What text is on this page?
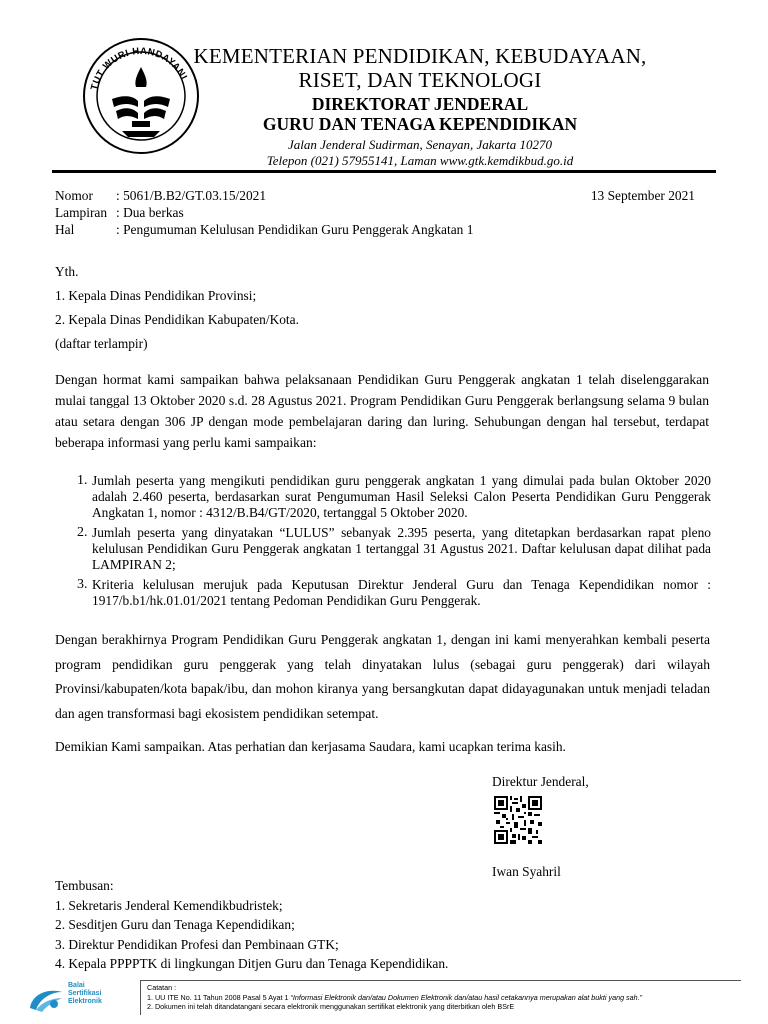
TUT WURI HANDAYANI
KEMENTERIAN PENDIDIKAN, KEBUDAYAAN,
RISET, DAN TEKNOLOGI
DIREKTORAT JENDERAL
GURU DAN TENAGA KEPENDIDIKAN
Jalan Jenderal Sudirman, Senayan, Jakarta 10270
Telepon (021) 57955141, Laman www.gtk.kemdikbud.go.id
Nomor : 5061/B.B2/GT.03.15/2021	13 September 2021
Lampiran : Dua berkas
Hal	: Pengumuman Kelulusan Pendidikan Guru Penggerak Angkatan 1
Yth.
1. Kepala Dinas Pendidikan Provinsi;
2. Kepala Dinas Pendidikan Kabupaten/Kota.
(daftar terlampir)
Dengan hormat kami sampaikan bahwa pelaksanaan Pendidikan Guru Penggerak angkatan 1 telah diselenggarakan mulai tanggal 13 Oktober 2020 s.d. 28 Agustus 2021. Program Pendidikan Guru Penggerak berlangsung selama 9 bulan atau setara dengan 306 JP dengan mode pembelajaran daring dan luring. Sehubungan dengan hal tersebut, terdapat beberapa informasi yang perlu kami sampaikan:
1. Jumlah peserta yang mengikuti pendidikan guru penggerak angkatan 1 yang dimulai pada bulan Oktober 2020 adalah 2.460 peserta, berdasarkan surat Pengumuman Hasil Seleksi Calon Peserta Pendidikan Guru Penggerak Angkatan 1, nomor : 4312/B.B4/GT/2020, tertanggal 5 Oktober 2020.
2. Jumlah peserta yang dinyatakan “LULUS” sebanyak 2.395 peserta, yang ditetapkan berdasarkan rapat pleno kelulusan Pendidikan Guru Penggerak angkatan 1 tertanggal 31 Agustus 2021. Daftar kelulusan dapat dilihat pada LAMPIRAN 2;
3. Kriteria kelulusan merujuk pada Keputusan Direktur Jenderal Guru dan Tenaga Kependidikan nomor : 1917/b.b1/hk.01.01/2021 tentang Pedoman Pendidikan Guru Penggerak.
Dengan berakhirnya Program Pendidikan Guru Penggerak angkatan 1, dengan ini kami menyerahkan kembali peserta program pendidikan guru penggerak yang telah dinyatakan lulus (sebagai guru penggerak) dari wilayah Provinsi/kabupaten/kota bapak/ibu, dan mohon kiranya yang bersangkutan dapat didayagunakan untuk menjadi teladan dan agen transformasi bagi ekosistem pendidikan setempat.
Demikian Kami sampaikan. Atas perhatian dan kerjasama Saudara, kami ucapkan terima kasih.
Direktur Jenderal,
Iwan Syahril
Tembusan:
1. Sekretaris Jenderal Kemendikbudristek;
2. Sesditjen Guru dan Tenaga Kependidikan;
3. Direktur Pendidikan Profesi dan Pembinaan GTK;
4. Kepala PPPPTK di lingkungan Ditjen Guru dan Tenaga Kependidikan.
Balai
Sertifikasi
Elektronik
Catatan :
1. UU ITE No. 11 Tahun 2008 Pasal 5 Ayat 1 “Informasi Elektronik dan/atau Dokumen Elektronik dan/atau hasil cetakannya merupakan alat bukti yang sah.”
2. Dokumen ini telah ditandatangani secara elektronik menggunakan sertifikat elektronik yang diterbitkan oleh BSrE
